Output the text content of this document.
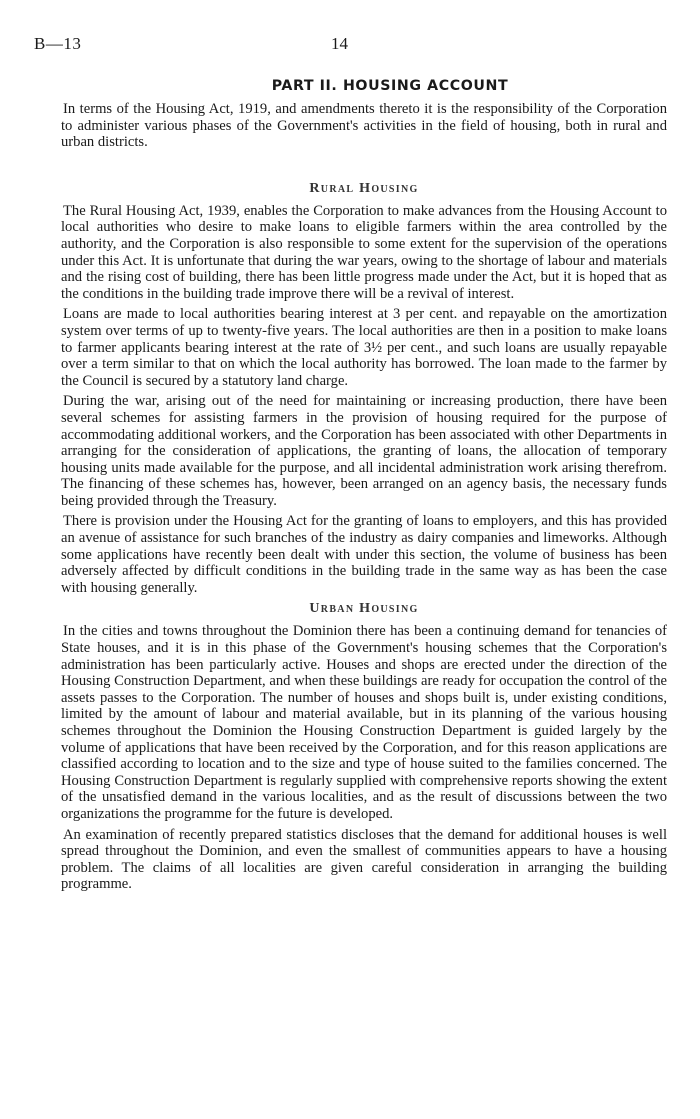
B—13	14
PART II. HOUSING ACCOUNT

In terms of the Housing Act, 1919, and amendments thereto it is the responsibility of the Corporation to administer various phases of the Government's activities in the field of housing, both in rural and urban districts.

Rural Housing

The Rural Housing Act, 1939, enables the Corporation to make advances from the Housing Account to local authorities who desire to make loans to eligible farmers within the area controlled by the authority, and the Corporation is also responsible to some extent for the supervision of the operations under this Act. It is unfortunate that during the war years, owing to the shortage of labour and materials and the rising cost of building, there has been little progress made under the Act, but it is hoped that as the conditions in the building trade improve there will be a revival of interest.

Loans are made to local authorities bearing interest at 3 per cent. and repayable on the amortization system over terms of up to twenty-five years. The local authorities are then in a position to make loans to farmer applicants bearing interest at the rate of 3½ per cent., and such loans are usually repayable over a term similar to that on which the local authority has borrowed. The loan made to the farmer by the Council is secured by a statutory land charge.

During the war, arising out of the need for maintaining or increasing production, there have been several schemes for assisting farmers in the provision of housing required for the purpose of accommodating additional workers, and the Corporation has been associated with other Departments in arranging for the consideration of applications, the granting of loans, the allocation of temporary housing units made available for the purpose, and all incidental administration work arising therefrom. The financing of these schemes has, however, been arranged on an agency basis, the necessary funds being provided through the Treasury.

There is provision under the Housing Act for the granting of loans to employers, and this has provided an avenue of assistance for such branches of the industry as dairy companies and limeworks. Although some applications have recently been dealt with under this section, the volume of business has been adversely affected by difficult conditions in the building trade in the same way as has been the case with housing generally.

Urban Housing

In the cities and towns throughout the Dominion there has been a continuing demand for tenancies of State houses, and it is in this phase of the Government's housing schemes that the Corporation's administration has been particularly active. Houses and shops are erected under the direction of the Housing Construction Department, and when these buildings are ready for occupation the control of the assets passes to the Corporation. The number of houses and shops built is, under existing conditions, limited by the amount of labour and material available, but in its planning of the various housing schemes throughout the Dominion the Housing Construction Department is guided largely by the volume of applications that have been received by the Corporation, and for this reason applications are classified according to location and to the size and type of house suited to the families concerned. The Housing Construction Department is regularly supplied with comprehensive reports showing the extent of the unsatisfied demand in the various localities, and as the result of discussions between the two organizations the programme for the future is developed.

An examination of recently prepared statistics discloses that the demand for additional houses is well spread throughout the Dominion, and even the smallest of communities appears to have a housing problem. The claims of all localities are given careful consideration in arranging the building programme.
